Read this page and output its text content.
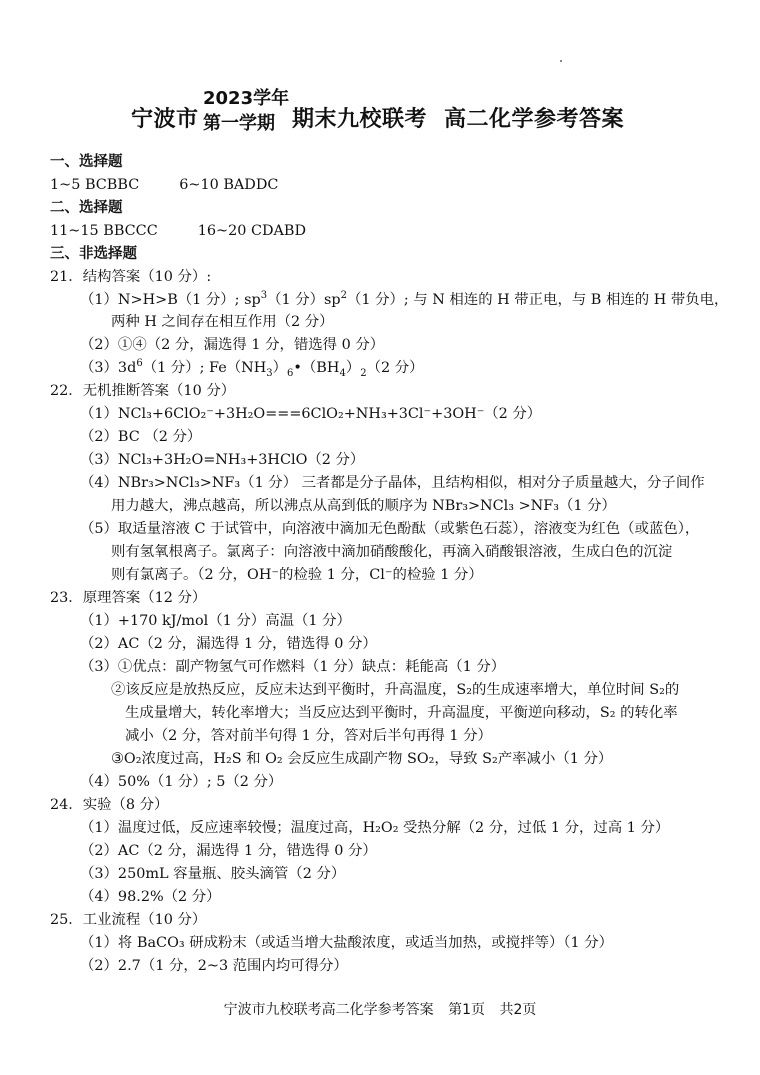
宁波市
2023学年
第一学期 期末九校联考 高二化学参考答案
一、选择题
1~5 BCBBC	6~10 BADDC
二、选择题
11~15 BBCCC	16~20 CDABD
三、非选择题
21．结构答案（10 分）:
（1）N>H>B（1 分）; $sp^3(1$ 分）$sp^2(1$ 分）; 与 N 相连的 H 带正电，与 B 相连的 H 带负电，
两种 H 之间存在相互作用（2 分）
（2）①④（2 分，漏选得 1 分，错选得 0 分）
$(3)3d^6(1$ 分）; $Fe(NH_3)_6•(BH_4)_2(2$ 分）
22．无机推断答案（10 分）
（1）NCl₃+6ClO₂⁻+3H₂O===6ClO₂+NH₃+3Cl⁻+3OH⁻（2 分）
（2）BC （2 分）
（3）NCl₃+3H₂O=NH₃+3HClO（2 分）
（4）NBr₃>NCl₃>NF₃（1 分） 三者都是分子晶体，且结构相似，相对分子质量越大，分子间作
用力越大，沸点越高，所以沸点从高到低的顺序为 NBr₃>NCl₃ >NF₃（1 分）
（5）取适量溶液 C 于试管中，向溶液中滴加无色酚酞（或紫色石蕊），溶液变为红色（或蓝色），
则有氢氧根离子。氯离子：向溶液中滴加硝酸酸化，再滴入硝酸银溶液，生成白色的沉淀
则有氯离子。（2 分，OH⁻的检验 1 分，Cl⁻的检验 1 分）
23．原理答案（12 分）
（1）+170 kJ/mol（1 分）高温（1 分）
（2）AC（2 分，漏选得 1 分，错选得 0 分）
（3）①优点：副产物氢气可作燃料（1 分）缺点：耗能高（1 分）
②该反应是放热反应，反应未达到平衡时，升高温度，S₂的生成速率增大，单位时间 S₂的
生成量增大，转化率增大；当反应达到平衡时，升高温度，平衡逆向移动，S₂ 的转化率
减小（2 分，答对前半句得 1 分，答对后半句再得 1 分）
③O₂浓度过高，H₂S 和 O₂ 会反应生成副产物 SO₂，导致 S₂产率减小（1 分）
（4）50%（1 分）; 5（2 分）
24．实验（8 分）
（1）温度过低，反应速率较慢；温度过高，H₂O₂ 受热分解（2 分，过低 1 分，过高 1 分）
（2）AC（2 分，漏选得 1 分，错选得 0 分）
（3）250mL 容量瓶、胶头滴管（2 分）
（4）98.2%（2 分）
25．工业流程（10 分）
（1）将 BaCO₃ 研成粉末（或适当增大盐酸浓度，或适当加热，或搅拌等）（1 分）
（2）2.7（1 分，2~3 范围内均可得分）
宁波市九校联考高二化学参考答案 第1页 共2页
